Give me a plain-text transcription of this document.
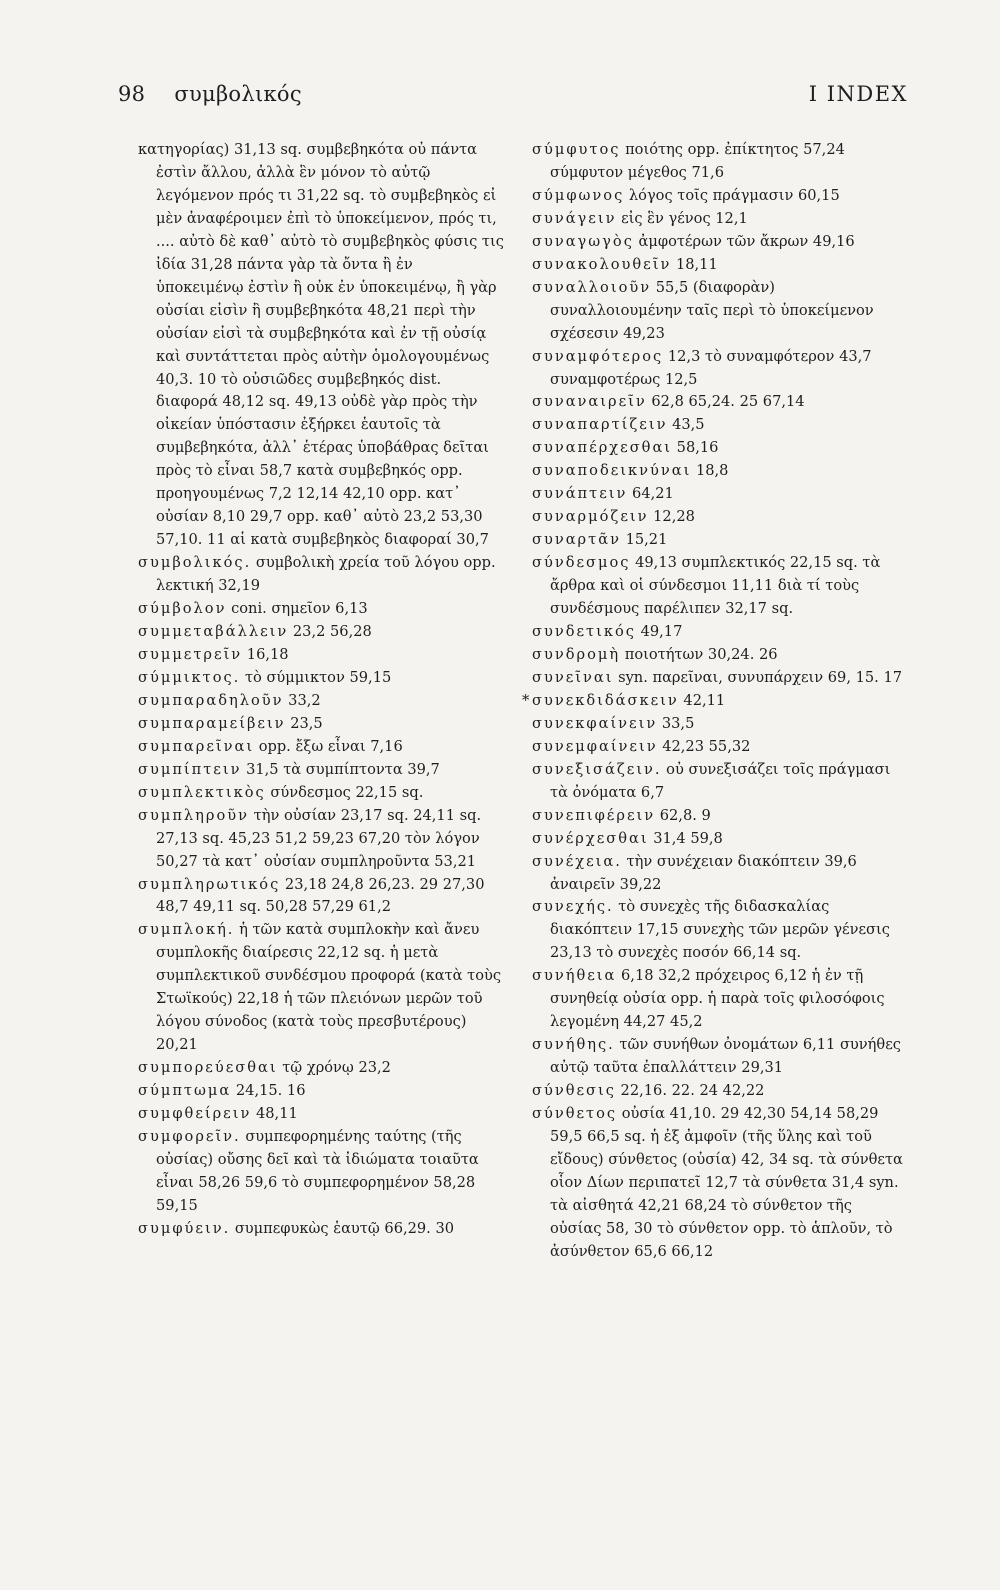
98 συμβολικός	I INDEX

κατηγορίας) 31,13 sq. συμβεβηκότα οὐ πάντα ἐστὶν ἄλλου, ἀλλὰ ἓν μόνον τὸ αὐτῷ λεγόμενον πρός τι 31,22 sq. τὸ συμβεβηκὸς εἰ μὲν ἀναφέροιμεν ἐπὶ τὸ ὑποκείμενον, πρός τι, .... αὐτὸ δὲ καθ᾽ αὐτὸ τὸ συμβεβηκὸς φύσις τις ἰδία 31,28 πάντα γὰρ τὰ ὄντα ἢ ἐν ὑποκειμένῳ ἐστὶν ἢ οὐκ ἐν ὑποκειμένῳ, ἢ γὰρ οὐσίαι εἰσὶν ἢ συμβεβηκότα 48,21 περὶ τὴν οὐσίαν εἰσὶ τὰ συμβεβηκότα καὶ ἐν τῇ οὐσίᾳ καὶ συντάττεται πρὸς αὐτὴν ὁμολογουμένως 40,3. 10 τὸ οὐσιῶδες συμβεβηκός dist. διαφορά 48,12 sq. 49,13 οὐδὲ γὰρ πρὸς τὴν οἰκείαν ὑπόστασιν ἐξήρκει ἑαυτοῖς τὰ συμβεβηκότα, ἀλλ᾽ ἑτέρας ὑποβάθρας δεῖται πρὸς τὸ εἶναι 58,7 κατὰ συμβεβηκός opp. προηγουμένως 7,2 12,14 42,10 opp. κατ᾽ οὐσίαν 8,10 29,7 opp. καθ᾽ αὐτὸ 23,2 53,30 57,10. 11 αἱ κατὰ συμβεβηκὸς διαφοραί 30,7

συμβολικός. συμβολικὴ χρεία τοῦ λόγου opp. λεκτική 32,19

σύμβολον coni. σημεῖον 6,13

συμμεταβάλλειν 23,2 56,28

συμμετρεῖν 16,18

σύμμικτος. τὸ σύμμικτον 59,15

συμπαραδηλοῦν 33,2

συμπαραμείβειν 23,5

συμπαρεῖναι opp. ἔξω εἶναι 7,16

συμπίπτειν 31,5 τὰ συμπίπτοντα 39,7

συμπλεκτικὸς σύνδεσμος 22,15 sq.

συμπληροῦν τὴν οὐσίαν 23,17 sq. 24,11 sq. 27,13 sq. 45,23 51,2 59,23 67,20 τὸν λόγον 50,27 τὰ κατ᾽ οὐσίαν συμπληροῦντα 53,21

συμπληρωτικός 23,18 24,8 26,23. 29 27,30 48,7 49,11 sq. 50,28 57,29 61,2

συμπλοκή. ἡ τῶν κατὰ συμπλοκὴν καὶ ἄνευ συμπλοκῆς διαίρεσις 22,12 sq. ἡ μετὰ συμπλεκτικοῦ συνδέσμου προφορά (κατὰ τοὺς Στωϊκούς) 22,18 ἡ τῶν πλειόνων μερῶν τοῦ λόγου σύνοδος (κατὰ τοὺς πρεσβυτέρους) 20,21

συμπορεύεσθαι τῷ χρόνῳ 23,2

σύμπτωμα 24,15. 16

συμφθείρειν 48,11

συμφορεῖν. συμπεφορημένης ταύτης (τῆς οὐσίας) οὔσης δεῖ καὶ τὰ ἰδιώματα τοιαῦτα εἶναι 58,26 59,6 τὸ συμπεφορημένον 58,28 59,15

συμφύειν. συμπεφυκὼς ἑαυτῷ 66,29. 30

σύμφυτος ποιότης opp. ἐπίκτητος 57,24 σύμφυτον μέγεθος 71,6

σύμφωνος λόγος τοῖς πράγμασιν 60,15

συνάγειν εἰς ἓν γένος 12,1

συναγωγὸς ἀμφοτέρων τῶν ἄκρων 49,16

συνακολουθεῖν 18,11

συναλλοιοῦν 55,5 (διαφορὰν) συναλλοιουμένην ταῖς περὶ τὸ ὑποκείμενον σχέσεσιν 49,23

συναμφότερος 12,3 τὸ συναμφότερον 43,7 συναμφοτέρως 12,5

συναναιρεῖν 62,8 65,24. 25 67,14

συναπαρτίζειν 43,5

συναπέρχεσθαι 58,16

συναποδεικνύναι 18,8

συνάπτειν 64,21

συναρμόζειν 12,28

συναρτᾶν 15,21

σύνδεσμος 49,13 συμπλεκτικός 22,15 sq. τὰ ἄρθρα καὶ οἱ σύνδεσμοι 11,11 διὰ τί τοὺς συνδέσμους παρέλιπεν 32,17 sq.

συνδετικός 49,17

συνδρομὴ ποιοτήτων 30,24. 26

συνεῖναι syn. παρεῖναι, συνυπάρχειν 69, 15. 17

* συνεκδιδάσκειν 42,11

συνεκφαίνειν 33,5

συνεμφαίνειν 42,23 55,32

συνεξισάζειν. οὐ συνεξισάζει τοῖς πράγμασι τὰ ὀνόματα 6,7

συνεπιφέρειν 62,8. 9

συνέρχεσθαι 31,4 59,8

συνέχεια. τὴν συνέχειαν διακόπτειν 39,6 ἀναιρεῖν 39,22

συνεχής. τὸ συνεχὲς τῆς διδασκαλίας διακόπτειν 17,15 συνεχὴς τῶν μερῶν γένεσις 23,13 τὸ συνεχὲς ποσόν 66,14 sq.

συνήθεια 6,18 32,2 πρόχειρος 6,12 ἡ ἐν τῇ συνηθείᾳ οὐσία opp. ἡ παρὰ τοῖς φιλοσόφοις λεγομένη 44,27 45,2

συνήθης. τῶν συνήθων ὀνομάτων 6,11 συνήθες αὐτῷ ταῦτα ἐπαλλάττειν 29,31

σύνθεσις 22,16. 22. 24 42,22

σύνθετος οὐσία 41,10. 29 42,30 54,14 58,29 59,5 66,5 sq. ἡ ἐξ ἀμφοῖν (τῆς ὕλης καὶ τοῦ εἴδους) σύνθετος (οὐσία) 42, 34 sq. τὰ σύνθετα οἷον Δίων περιπατεῖ 12,7 τὰ σύνθετα 31,4 syn. τὰ αἰσθητά 42,21 68,24 τὸ σύνθετον τῆς οὐσίας 58, 30 τὸ σύνθετον opp. τὸ ἁπλοῦν, τὸ ἀσύνθετον 65,6 66,12
